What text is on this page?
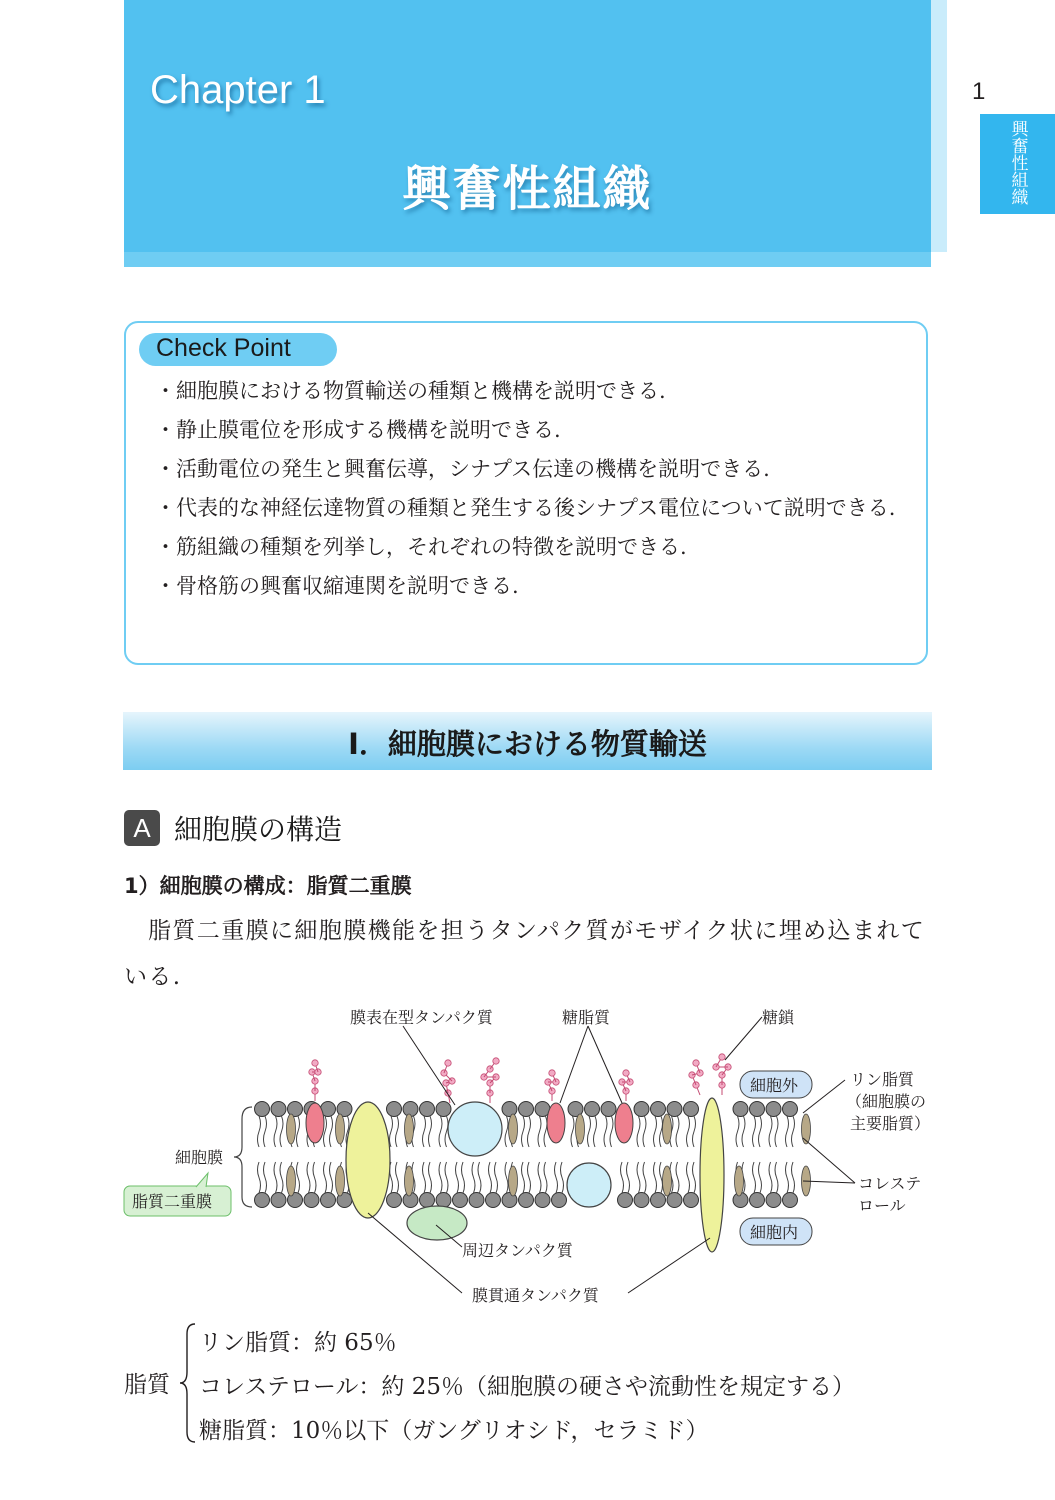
Chapter 1
興奮性組織
1
興奮性組織
Check Point
・細胞膜における物質輸送の種類と機構を説明できる.
・静止膜電位を形成する機構を説明できる.
・活動電位の発生と興奮伝導，シナプス伝達の機構を説明できる.
・代表的な神経伝達物質の種類と発生する後シナプス電位について説明できる.
・筋組織の種類を列挙し，それぞれの特徴を説明できる.
・骨格筋の興奮収縮連関を説明できる.
I．細胞膜における物質輸送
A 細胞膜の構造
1）細胞膜の構成：脂質二重膜
脂質二重膜に細胞膜機能を担うタンパク質がモザイク状に埋め込まれている.
膜表在型タンパク質	糖脂質	糖鎖
細胞外	リン脂質
（細胞膜の
主要脂質）
細胞膜
脂質二重膜
コレステ
ロール
細胞内
周辺タンパク質
膜貫通タンパク質
脂質
リン脂質：約 65％
コレステロール：約 25％（細胞膜の硬さや流動性を規定する）
糖脂質：10％以下（ガングリオシド，セラミド）
